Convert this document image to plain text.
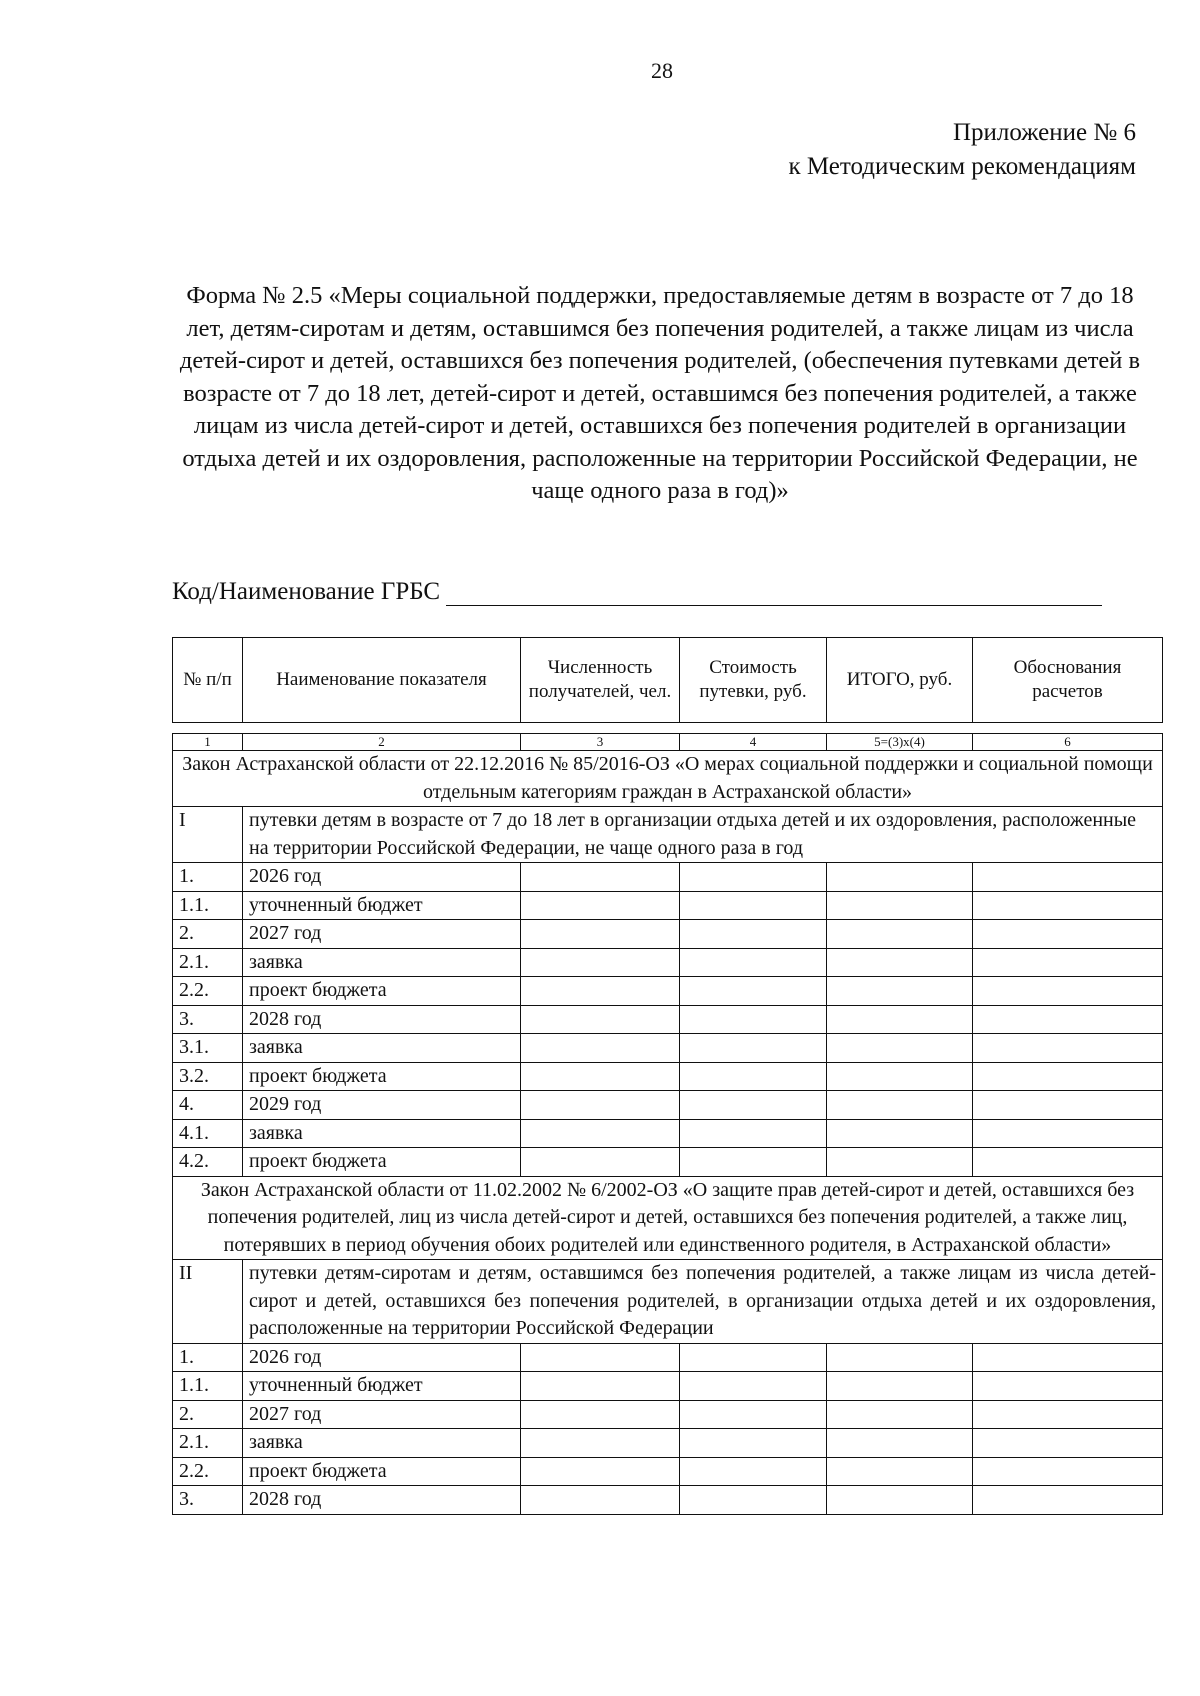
28
Приложение № 6
к Методическим рекомендациям
Форма № 2.5 «Меры социальной поддержки, предоставляемые детям в возрасте от 7 до 18 лет, детям-сиротам и детям, оставшимся без попечения родителей, а также лицам из числа детей-сирот и детей, оставшихся без попечения родителей, (обеспечения путевками детей в возрасте от 7 до 18 лет, детей-сирот и детей, оставшимся без попечения родителей, а также лицам из числа детей-сирот и детей, оставшихся без попечения родителей в организации отдыха детей и их оздоровления, расположенные на территории Российской Федерации, не чаще одного раза в год)»
Код/Наименование ГРБС
№ п/п	Наименование показателя	Численность получателей, чел.	Стоимость путевки, руб.	ИТОГО, руб.	Обоснования расчетов
1	2	3	4	5=(3)x(4)	6
Закон Астраханской области от 22.12.2016 № 85/2016-ОЗ «О мерах социальной поддержки и социальной помощи отдельным категориям граждан в Астраханской области»					
I	путевки детям в возрасте от 7 до 18 лет в организации отдыха детей и их оздоровления, расположенные на территории Российской Федерации, не чаще одного раза в год				
1.	2026 год				
1.1.	уточненный бюджет				
2.	2027 год				
2.1.	заявка				
2.2.	проект бюджета				
3.	2028 год				
3.1.	заявка				
3.2.	проект бюджета				
4.	2029 год				
4.1.	заявка				
4.2.	проект бюджета				
Закон Астраханской области от 11.02.2002 № 6/2002-ОЗ «О защите прав детей-сирот и детей, оставшихся без попечения родителей, лиц из числа детей-сирот и детей, оставшихся без попечения родителей, а также лиц, потерявших в период обучения обоих родителей или единственного родителя, в Астраханской области»					
II	путевки детям-сиротам и детям, оставшимся без попечения родителей, а также лицам из числа детей-сирот и детей, оставшихся без попечения родителей, в организации отдыха детей и их оздоровления, расположенные на территории Российской Федерации				
1.	2026 год				
1.1.	уточненный бюджет				
2.	2027 год				
2.1.	заявка				
2.2.	проект бюджета				
3.	2028 год				
